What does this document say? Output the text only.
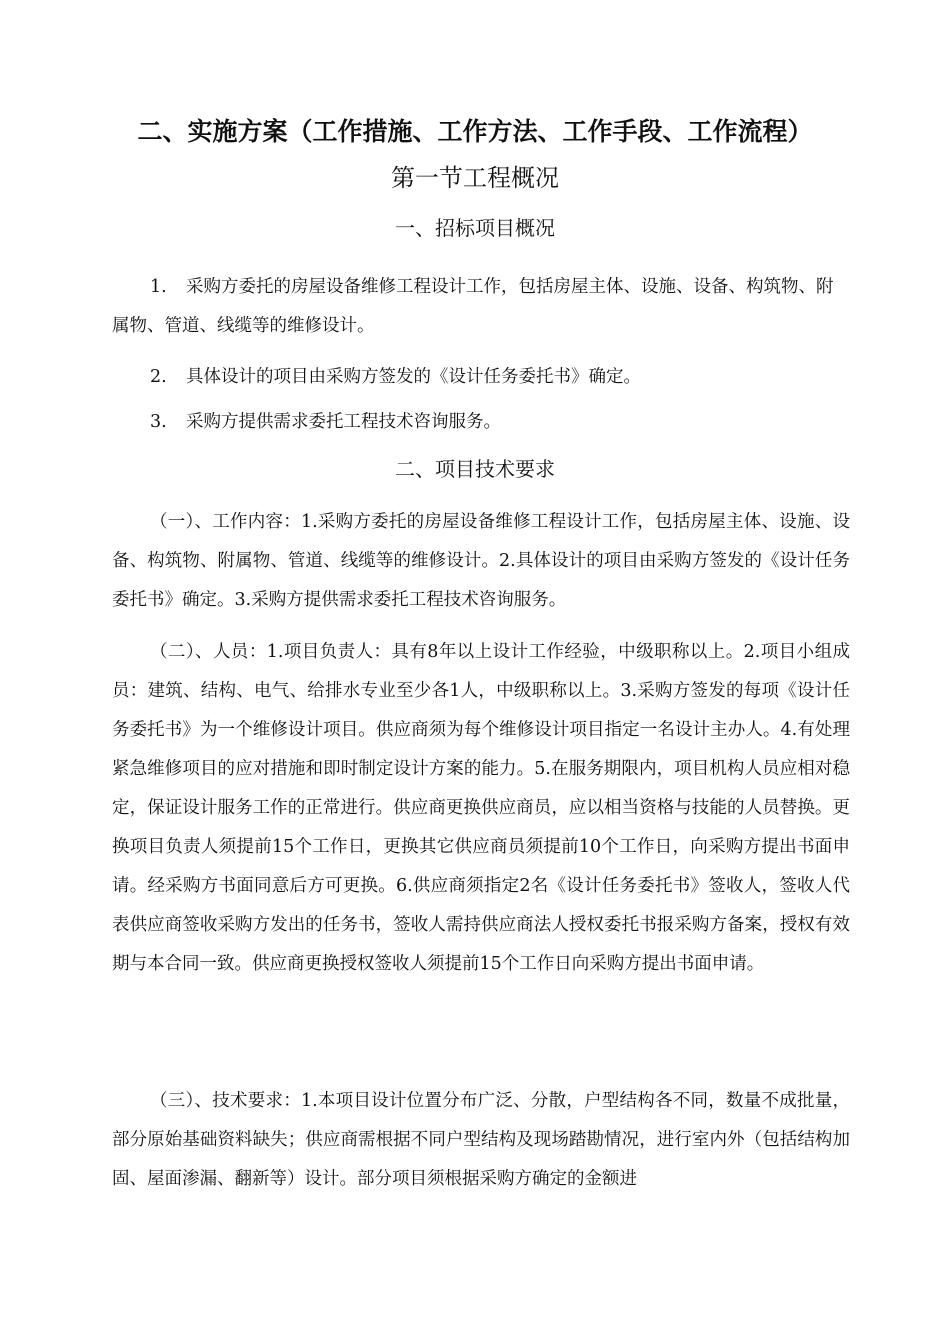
二、实施方案（工作措施、工作方法、工作手段、工作流程）
第一节工程概况
一、招标项目概况
1. 采购方委托的房屋设备维修工程设计工作，包括房屋主体、设施、设备、构筑物、附属物、管道、线缆等的维修设计。
2. 具体设计的项目由采购方签发的《设计任务委托书》确定。
3. 采购方提供需求委托工程技术咨询服务。
二、项目技术要求
（一）、工作内容：1.采购方委托的房屋设备维修工程设计工作，包括房屋主体、设施、设备、构筑物、附属物、管道、线缆等的维修设计。2.具体设计的项目由采购方签发的《设计任务委托书》确定。3.采购方提供需求委托工程技术咨询服务。
（二）、人员：1.项目负责人：具有8年以上设计工作经验，中级职称以上。2.项目小组成员：建筑、结构、电气、给排水专业至少各1人，中级职称以上。3.采购方签发的每项《设计任务委托书》为一个维修设计项目。供应商须为每个维修设计项目指定一名设计主办人。4.有处理紧急维修项目的应对措施和即时制定设计方案的能力。5.在服务期限内，项目机构人员应相对稳定，保证设计服务工作的正常进行。供应商更换供应商员，应以相当资格与技能的人员替换。更换项目负责人须提前15个工作日，更换其它供应商员须提前10个工作日，向采购方提出书面申请。经采购方书面同意后方可更换。6.供应商须指定2名《设计任务委托书》签收人，签收人代表供应商签收采购方发出的任务书，签收人需持供应商法人授权委托书报采购方备案，授权有效期与本合同一致。供应商更换授权签收人须提前15个工作日向采购方提出书面申请。
（三）、技术要求：1.本项目设计位置分布广泛、分散，户型结构各不同，数量不成批量，部分原始基础资料缺失；供应商需根据不同户型结构及现场踏勘情况，进行室内外（包括结构加固、屋面渗漏、翻新等）设计。部分项目须根据采购方确定的金额进
